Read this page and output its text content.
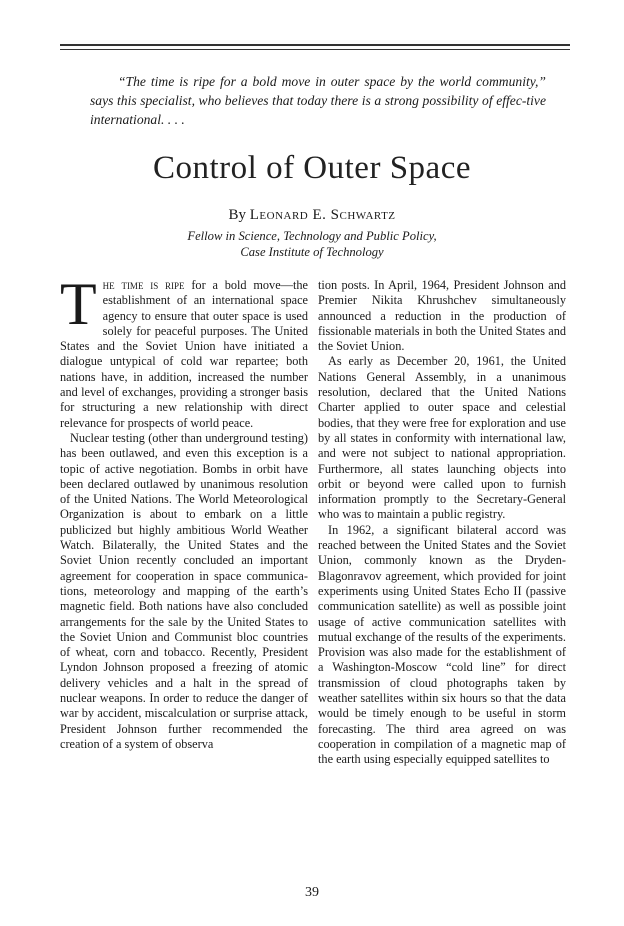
“The time is ripe for a bold move in outer space by the world community,” says this specialist, who believes that today there is a strong possibility of effec-tive international. . . .
Control of Outer Space
By Leonard E. Schwartz
Fellow in Science, Technology and Public Policy,
Case Institute of Technology

The time is ripe for a bold move—the establishment of an international space agency to ensure that outer space is used solely for peaceful purposes. The United States and the Soviet Union have initiated a dialogue untypical of cold war repartee; both nations have, in addition, increased the number and level of exchanges, providing a stronger basis for structuring a new relationship with direct relevance for prospects of world peace.

Nuclear testing (other than underground testing) has been outlawed, and even this exception is a topic of active negotiation. Bombs in orbit have been declared outlawed by unanimous resolution of the United Nations. The World Meteorological Organization is about to embark on a little publicized but highly ambitious World Weather Watch. Bilaterally, the United States and the Soviet Union recently concluded an important agreement for cooperation in space communications, meteorology and mapping of the earth’s magnetic field. Both nations have also concluded arrangements for the sale by the United States to the Soviet Union and Communist bloc countries of wheat, corn and tobacco. Recently, President Lyndon Johnson proposed a freezing of atomic delivery vehicles and a halt in the spread of nuclear weapons. In order to reduce the danger of war by accident, miscalculation or surprise attack, President Johnson further recommended the creation of a system of observa

tion posts. In April, 1964, President Johnson and Premier Nikita Khrushchev simultaneously announced a reduction in the production of fissionable materials in both the United States and the Soviet Union.

As early as December 20, 1961, the United Nations General Assembly, in a unanimous resolution, declared that the United Nations Charter applied to outer space and celestial bodies, that they were free for exploration and use by all states in conformity with international law, and were not subject to national appropriation. Furthermore, all states launching objects into orbit or beyond were called upon to furnish information promptly to the Secretary-General who was to maintain a public registry.

In 1962, a significant bilateral accord was reached between the United States and the Soviet Union, commonly known as the Dryden-Blagonravov agreement, which provided for joint experiments using United States Echo II (passive communication satellite) as well as possible joint usage of active communication satellites with mutual exchange of the results of the experiments. Provision was also made for the establishment of a Washington-Moscow “cold line” for direct transmission of cloud photographs taken by weather satellites within six hours so that the data would be timely enough to be useful in storm forecasting. The third area agreed on was cooperation in compilation of a magnetic map of the earth using especially equipped satellites to

39
